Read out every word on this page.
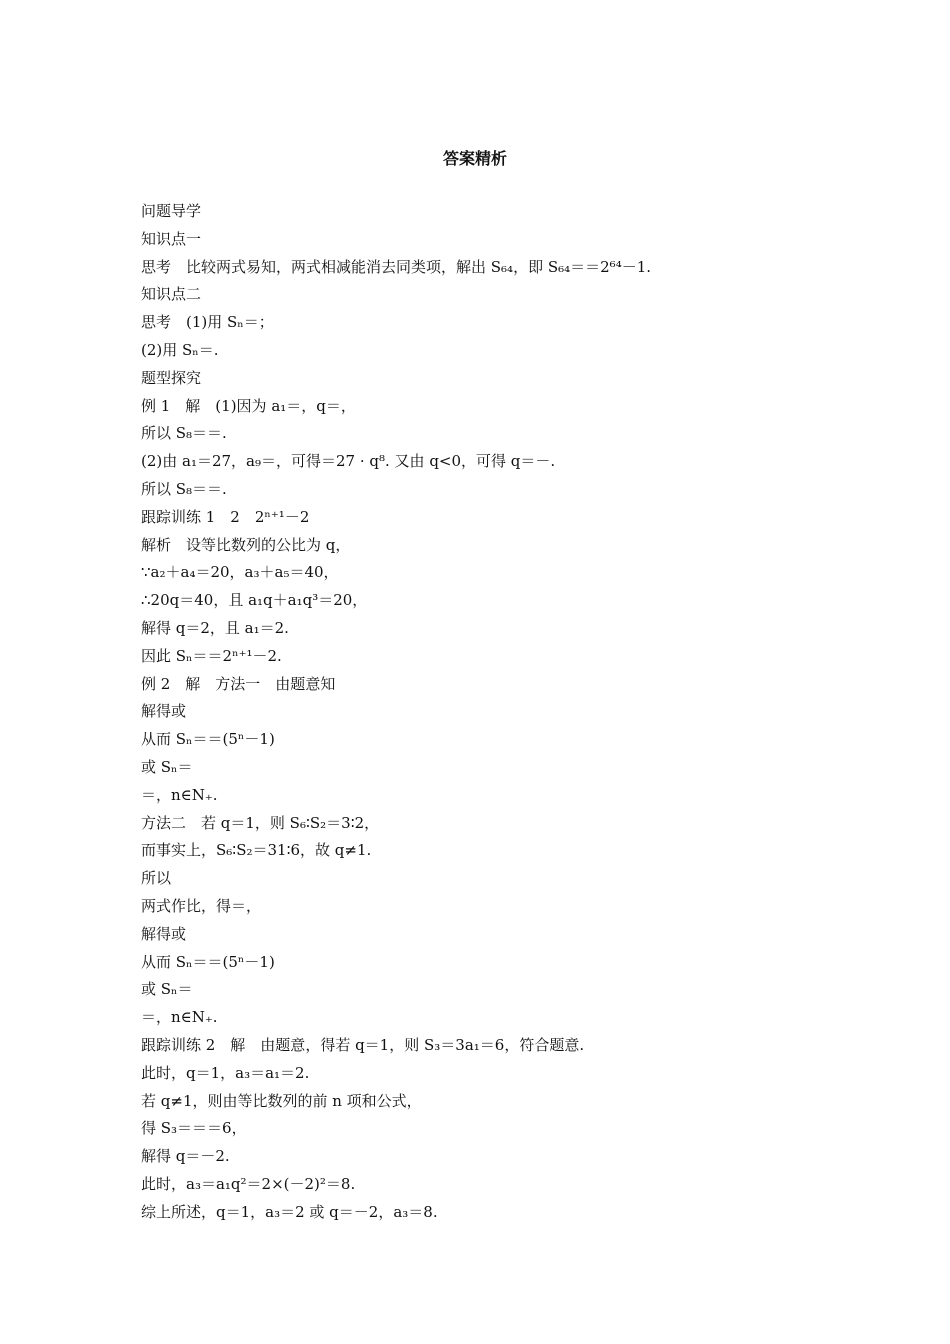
答案精析
问题导学
知识点一
思考　比较两式易知，两式相减能消去同类项，解出 S₆₄，即 S₆₄＝＝2⁶⁴－1.
知识点二
思考　(1)用 Sₙ＝；
(2)用 Sₙ＝.
题型探究
例 1　解　(1)因为 a₁＝，q＝，
所以 S₈＝＝.
(2)由 a₁＝27，a₉＝，可得＝27 · q⁸. 又由 q<0，可得 q＝－.
所以 S₈＝＝.
跟踪训练 1　2　2ⁿ⁺¹－2
解析　设等比数列的公比为 q，
∵a₂＋a₄＝20，a₃＋a₅＝40，
∴20q＝40，且 a₁q＋a₁q³＝20，
解得 q＝2，且 a₁＝2.
因此 Sₙ＝＝2ⁿ⁺¹－2.
例 2　解　方法一　由题意知
解得或
从而 Sₙ＝＝(5ⁿ－1)
或 Sₙ＝
＝，n∈N₊.
方法二　若 q＝1，则 S₆∶S₂＝3∶2，
而事实上，S₆∶S₂＝31∶6，故 q≠1.
所以
两式作比，得＝，
解得或
从而 Sₙ＝＝(5ⁿ－1)
或 Sₙ＝
＝，n∈N₊.
跟踪训练 2　解　由题意，得若 q＝1，则 S₃＝3a₁＝6，符合题意.
此时，q＝1，a₃＝a₁＝2.
若 q≠1，则由等比数列的前 n 项和公式，
得 S₃＝＝＝6，
解得 q＝－2.
此时，a₃＝a₁q²＝2×(－2)²＝8.
综上所述，q＝1，a₃＝2 或 q＝－2，a₃＝8.
